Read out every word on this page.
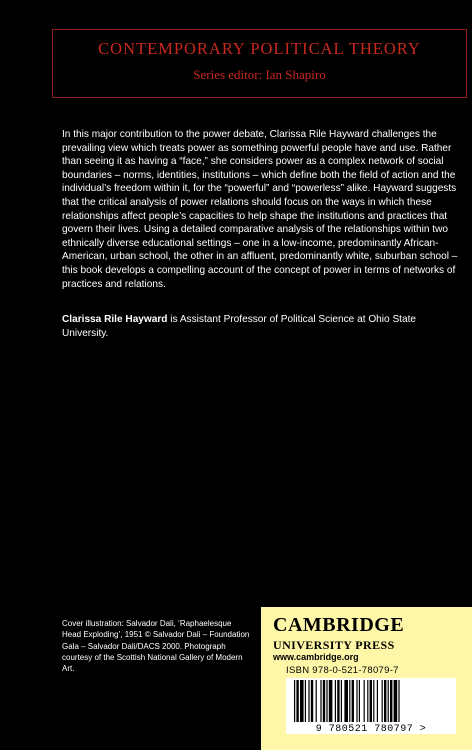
CONTEMPORARY POLITICAL THEORY
Series editor: Ian Shapiro

In this major contribution to the power debate, Clarissa Rile Hayward challenges the prevailing view which treats power as something powerful people have and use. Rather than seeing it as having a “face,” she considers power as a complex network of social boundaries – norms, identities, institutions – which define both the field of action and the individual’s freedom within it, for the “powerful” and “powerless” alike. Hayward suggests that the critical analysis of power relations should focus on the ways in which these relationships affect people’s capacities to help shape the institutions and practices that govern their lives. Using a detailed comparative analysis of the relationships within two ethnically diverse educational settings – one in a low-income, predominantly African-American, urban school, the other in an affluent, predominantly white, suburban school – this book develops a compelling account of the concept of power in terms of networks of practices and relations.

Clarissa Rile Hayward is Assistant Professor of Political Science at Ohio State University.

Cover illustration: Salvador Dali, ‘Raphaelesque Head Exploding’, 1951 © Salvador Dali – Foundation Gala – Salvador Dali/DACS 2000. Photograph courtesy of the Scottish National Gallery of Modern Art.

CAMBRIDGE
UNIVERSITY PRESS
www.cambridge.org
ISBN 978-0-521-78079-7
9 780521 780797 >
